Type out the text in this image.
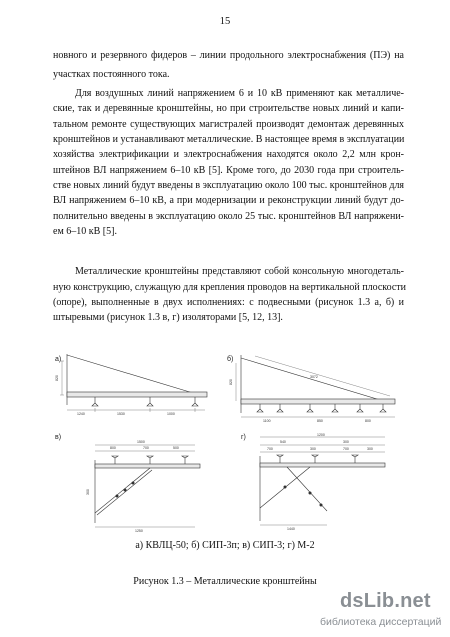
15
новного и резервного фидеров – линии продольного электроснабжения (ПЭ) на
участках постоянного тока.
Для воздушных линий напряжением 6 и 10 кВ применяют как металличе-
ские, так и деревянные кронштейны, но при строительстве новых линий и капи-
тальном ремонте существующих магистралей производят демонтаж деревянных
кронштейнов и устанавливают металлические. В настоящее время в эксплуатации
хозяйства электрификации и электроснабжения находятся около 2,2 млн крон-
штейнов ВЛ напряжением 6–10 кВ [5]. Кроме того, до 2030 года при строитель-
стве новых линий будут введены в эксплуатацию около 100 тыс. кронштейнов для
ВЛ напряжением 6–10 кВ, а при модернизации и реконструкции линий будут до-
полнительно введены в эксплуатацию около 25 тыс. кронштейнов ВЛ напряжени-
ем 6–10 кВ [5].
Металлические кронштейны представляют собой консольную многодеталь-
ную конструкцию, служащую для крепления проводов на вертикальной плоскости
(опоре), выполненные в двух исполнениях: с подвесными (рисунок 1.3 а, б) и
штыревыми (рисунок 1.3 в, г) изоляторами [5, 12, 13].
а)
820
1240	1530	1000
б)
820
3072
1100	850	800
в)
1500
800	700	500
300
1250
г)	1200
540	300
700	300	700	300
1440
а) КВЛЦ-50; б) СИП-3п; в) СИП-3; г) М-2
Рисунок 1.3 – Металлические кронштейны
dsLib.net
библиотека диссертаций
